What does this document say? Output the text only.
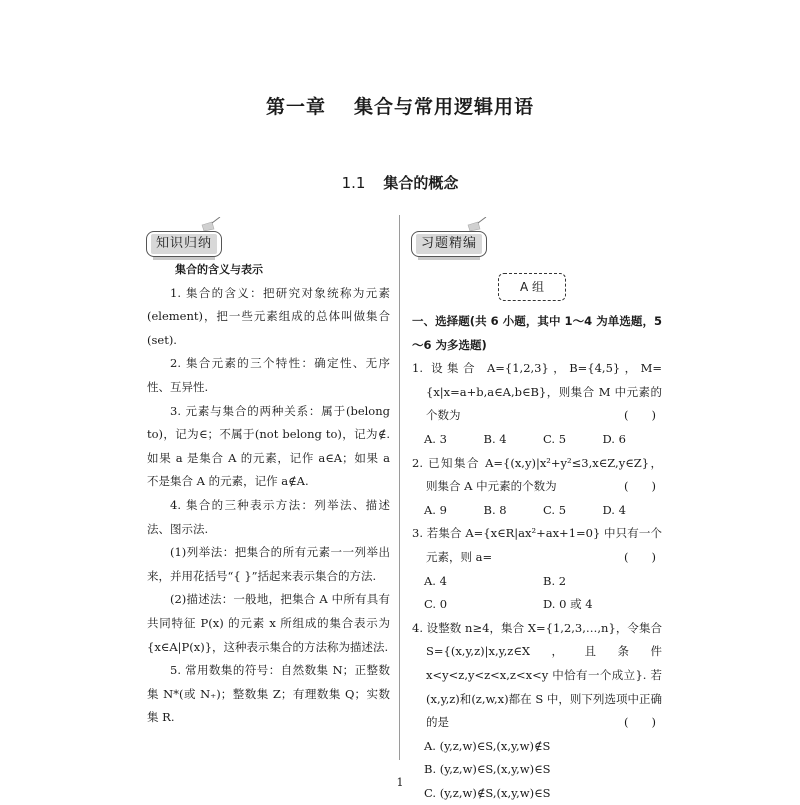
第一章 集合与常用逻辑用语
1.1 集合的概念
知识归纳	习题精编
A 组

集合的含义与表示

1. 集合的含义：把研究对象统称为元素(element)，把一些元素组成的总体叫做集合(set).

2. 集合元素的三个特性：确定性、无序性、互异性.

3. 元素与集合的两种关系：属于(belong to)，记为∈；不属于(not belong to)，记为∉. 如果 a 是集合 A 的元素，记作 a∈A；如果 a 不是集合 A 的元素，记作 a∉A.

4. 集合的三种表示方法：列举法、描述法、图示法.

(1)列举法：把集合的所有元素一一列举出来，并用花括号“{ }”括起来表示集合的方法.

(2)描述法：一般地，把集合 A 中所有具有共同特征 P(x) 的元素 x 所组成的集合表示为{x∈A|P(x)}，这种表示集合的方法称为描述法.

5. 常用数集的符号：自然数集 N；正整数集 N*(或 N₊)；整数集 Z；有理数集 Q；实数集 R.

一、选择题(共 6 小题，其中 1～4 为单选题，5～6 为多选题)

1. 设集合 A={1,2,3}，B={4,5}，M={x|x=a+b,a∈A,b∈B}，则集合 M 中元素的个数为	(　　)

A. 3	B. 4	C. 5	D. 6

2. 已知集合 A={(x,y)|x²+y²≤3,x∈Z,y∈Z}，则集合 A 中元素的个数为	(　　)

A. 9	B. 8	C. 5	D. 4

3. 若集合 A={x∈R|ax²+ax+1=0} 中只有一个元素，则 a=	(　　)

A. 4	B. 2
C. 0	D. 0 或 4

4. 设整数 n≥4，集合 X={1,2,3,…,n}，令集合 S={(x,y,z)|x,y,z∈X，且条件 x<y<z,y<z<x,z<x<y 中恰有一个成立}. 若(x,y,z)和(z,w,x)都在 S 中，则下列选项中正确的是	(　　)

A. (y,z,w)∈S,(x,y,w)∉S

B. (y,z,w)∈S,(x,y,w)∈S

C. (y,z,w)∉S,(x,y,w)∈S

1
